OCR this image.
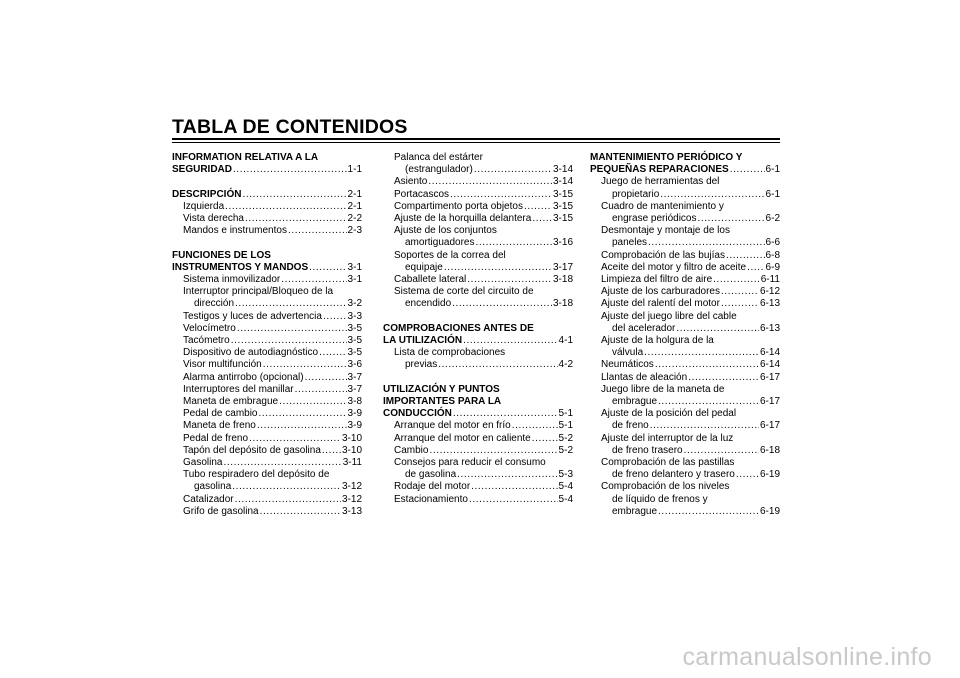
TABLA DE CONTENIDOS
INFORMATION RELATIVA A LA
SEGURIDAD .....	1-1
DESCRIPCIÓN .....	2-1
Izquierda .....	2-1
Vista derecha .....	2-2
Mandos e instrumentos .....	2-3
FUNCIONES DE LOS
INSTRUMENTOS Y MANDOS .....	3-1
Sistema inmovilizador .....	3-1
Interruptor principal/Bloqueo de la
dirección .....	3-2
Testigos y luces de advertencia .....	3-3
Velocímetro .....	3-5
Tacómetro .....	3-5
Dispositivo de autodiagnóstico .....	3-5
Visor multifunción .....	3-6
Alarma antirrobo (opcional) .....	3-7
Interruptores del manillar .....	3-7
Maneta de embrague .....	3-8
Pedal de cambio .....	3-9
Maneta de freno .....	3-9
Pedal de freno .....	3-10
Tapón del depósito de gasolina ..... 3-10
Gasolina .....	3-11
Tubo respiradero del depósito de
gasolina .....	3-12
Catalizador .....	3-12
Grifo de gasolina .....	3-13
Palanca del estárter
(estrangulador) .....	3-14
Asiento .....	3-14
Portacascos .....	3-15
Compartimento porta objetos .....	3-15
Ajuste de la horquilla delantera ..... 3-15
Ajuste de los conjuntos
amortiguadores .....	3-16
Soportes de la correa del
equipaje .....	3-17
Caballete lateral .....	3-18
Sistema de corte del circuito de
encendido .....	3-18
COMPROBACIONES ANTES DE
LA UTILIZACIÓN .....	4-1
Lista de comprobaciones
previas .....	4-2
UTILIZACIÓN Y PUNTOS
IMPORTANTES PARA LA
CONDUCCIÓN .....	5-1
Arranque del motor en frío .....	5-1
Arranque del motor en caliente .....	5-2
Cambio .....	5-2
Consejos para reducir el consumo
de gasolina .....	5-3
Rodaje del motor .....	5-4
Estacionamiento .....	5-4
MANTENIMIENTO PERIÓDICO Y
PEQUEÑAS REPARACIONES .....	6-1
Juego de herramientas del
propietario .....	6-1
Cuadro de mantenimiento y
engrase periódicos .....	6-2
Desmontaje y montaje de los
paneles .....	6-6
Comprobación de las bujías .....	6-8
Aceite del motor y filtro de aceite ..... 6-9
Limpieza del filtro de aire .....	6-11
Ajuste de los carburadores .....	6-12
Ajuste del ralentí del motor .....	6-13
Ajuste del juego libre del cable
del acelerador .....	6-13
Ajuste de la holgura de la
válvula .....	6-14
Neumáticos .....	6-14
Llantas de aleación .....	6-17
Juego libre de la maneta de
embrague .....	6-17
Ajuste de la posición del pedal
de freno .....	6-17
Ajuste del interruptor de la luz
de freno trasero .....	6-18
Comprobación de las pastillas
de freno delantero y trasero .....	6-19
Comprobación de los niveles
de líquido de frenos y
embrague .....	6-19
carmanualsonline.info
